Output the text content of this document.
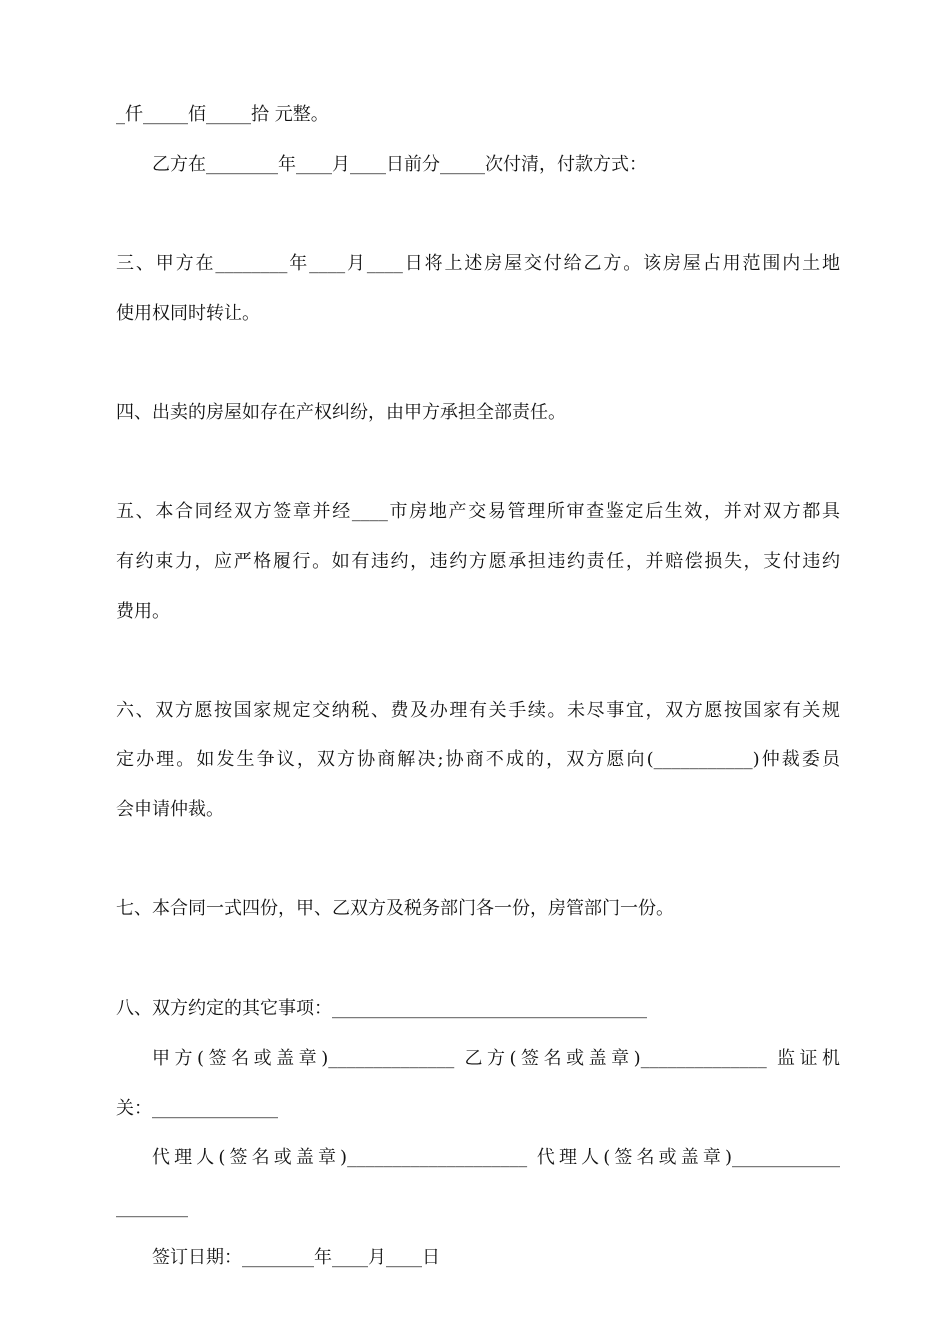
_仟_____佰_____拾 元整。
乙方在________年____月____日前分_____次付清，付款方式：
三、甲方在________年____月____日将上述房屋交付给乙方。该房屋占用范围内土地
使用权同时转让。
四、出卖的房屋如存在产权纠纷，由甲方承担全部责任。
五、本合同经双方签章并经____市房地产交易管理所审查鉴定后生效，并对双方都具
有约束力，应严格履行。如有违约，违约方愿承担违约责任，并赔偿损失，支付违约
费用。
六、双方愿按国家规定交纳税、费及办理有关手续。未尽事宜，双方愿按国家有关规
定办理。如发生争议，双方协商解决;协商不成的，双方愿向(___________)仲裁委员
会申请仲裁。
七、本合同一式四份，甲、乙双方及税务部门各一份，房管部门一份。
八、双方约定的其它事项：___________________________________
甲方(签名或盖章)______________ 乙方(签名或盖章)______________ 监证机
关：______________
代理人(签名或盖章)____________________ 代理人(签名或盖章)____________
________
签订日期：________年____月____日
